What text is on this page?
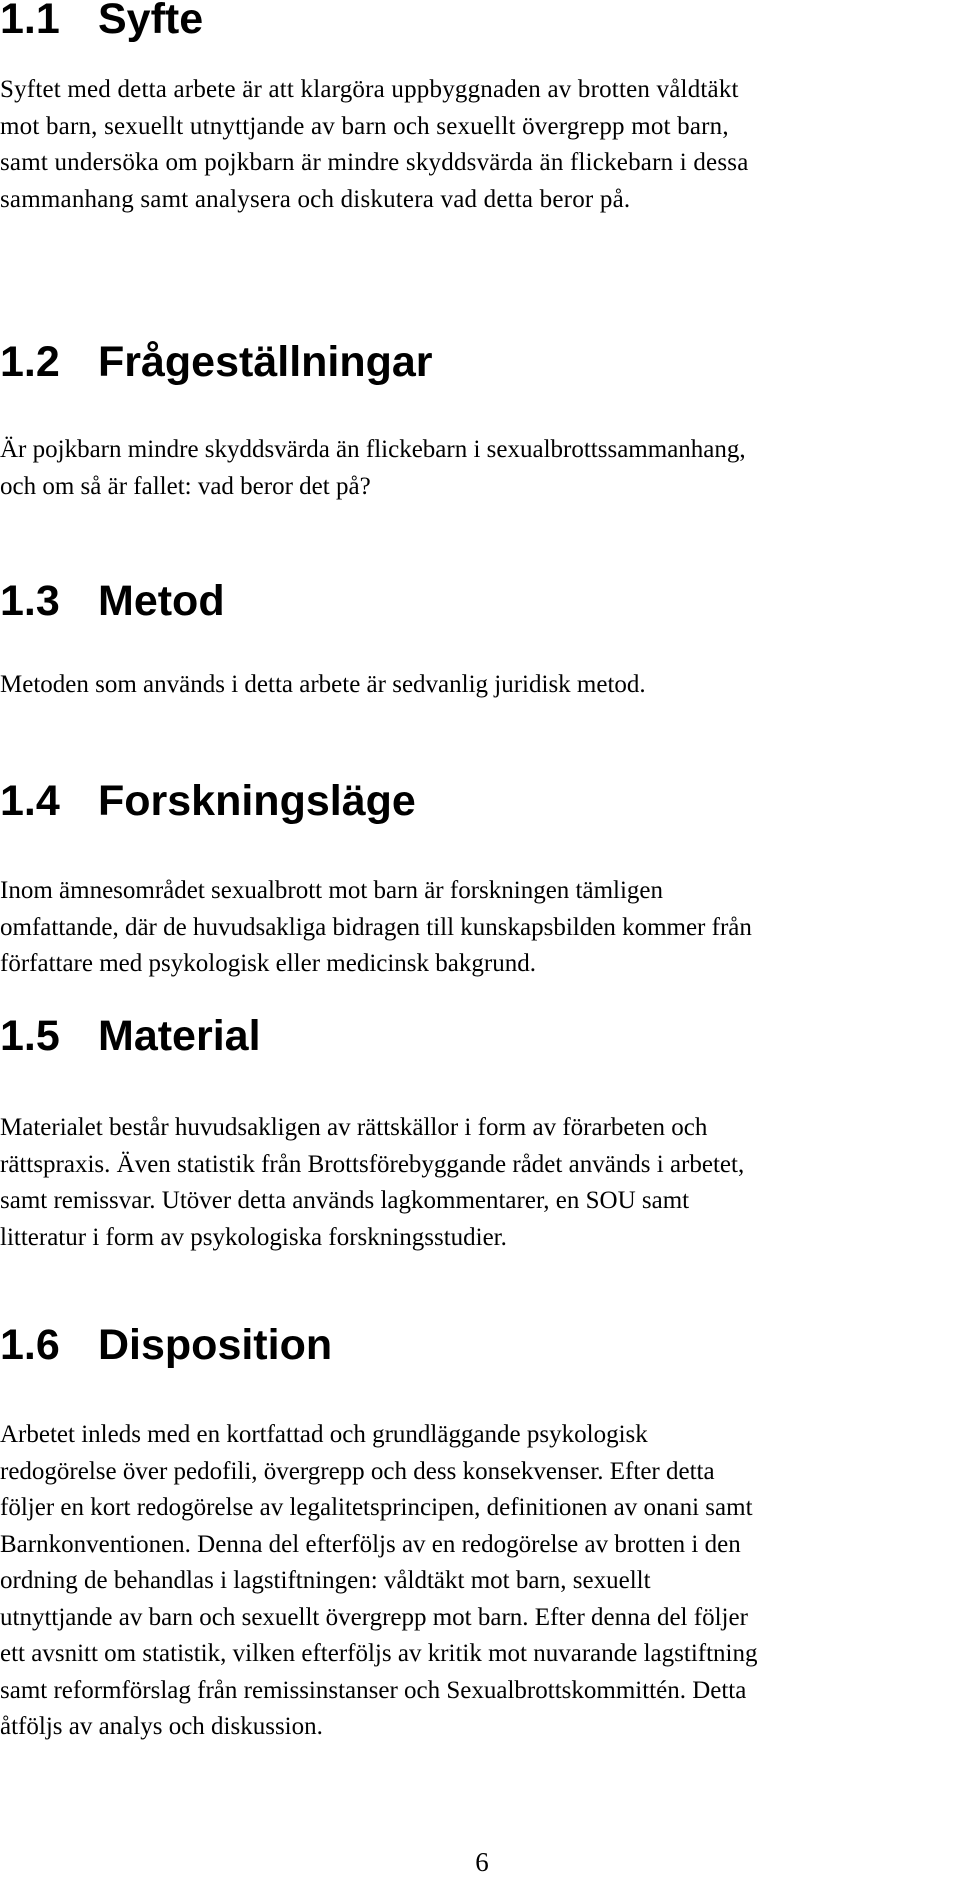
1.1 Syfte

Syftet med detta arbete är att klargöra uppbyggnaden av brotten våldtäkt
mot barn, sexuellt utnyttjande av barn och sexuellt övergrepp mot barn,
samt undersöka om pojkbarn är mindre skyddsvärda än flickebarn i dessa
sammanhang samt analysera och diskutera vad detta beror på.

1.2 Frågeställningar

Är pojkbarn mindre skyddsvärda än flickebarn i sexualbrottssammanhang,
och om så är fallet: vad beror det på?

1.3 Metod

Metoden som används i detta arbete är sedvanlig juridisk metod.

1.4 Forskningsläge

Inom ämnesområdet sexualbrott mot barn är forskningen tämligen
omfattande, där de huvudsakliga bidragen till kunskapsbilden kommer från
författare med psykologisk eller medicinsk bakgrund.

1.5 Material

Materialet består huvudsakligen av rättskällor i form av förarbeten och
rättspraxis. Även statistik från Brottsförebyggande rådet används i arbetet,
samt remissvar. Utöver detta används lagkommentarer, en SOU samt
litteratur i form av psykologiska forskningsstudier.

1.6 Disposition

Arbetet inleds med en kortfattad och grundläggande psykologisk
redogörelse över pedofili, övergrepp och dess konsekvenser. Efter detta
följer en kort redogörelse av legalitetsprincipen, definitionen av onani samt
Barnkonventionen. Denna del efterföljs av en redogörelse av brotten i den
ordning de behandlas i lagstiftningen: våldtäkt mot barn, sexuellt
utnyttjande av barn och sexuellt övergrepp mot barn. Efter denna del följer
ett avsnitt om statistik, vilken efterföljs av kritik mot nuvarande lagstiftning
samt reformförslag från remissinstanser och Sexualbrottskommittén. Detta
åtföljs av analys och diskussion.

6
